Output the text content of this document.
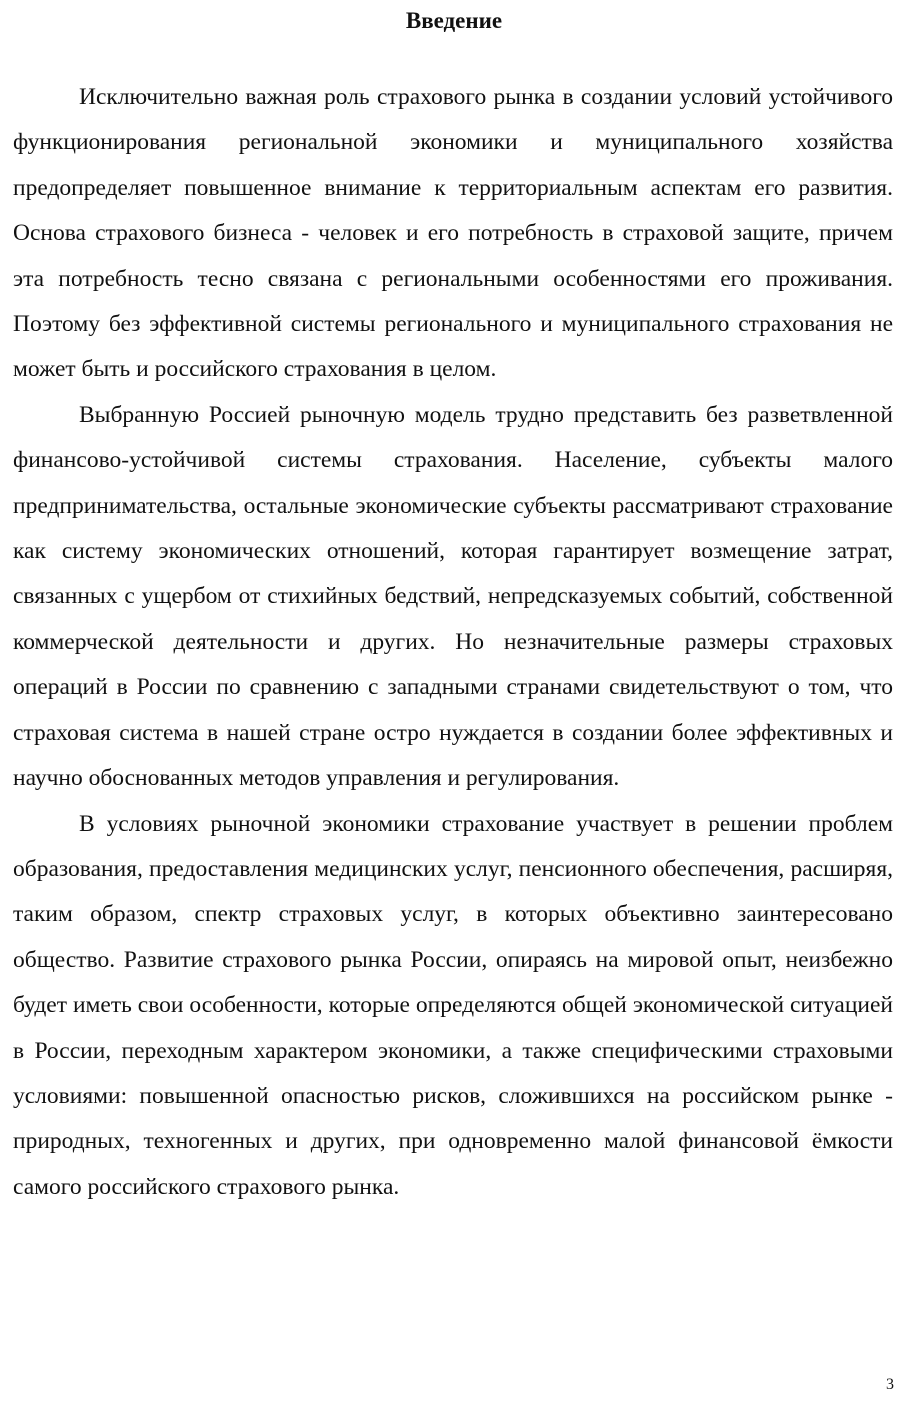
Введение

Исключительно важная роль страхового рынка в создании условий устойчивого функционирования региональной экономики и муниципального хозяйства предопределяет повышенное внимание к территориальным аспектам его развития. Основа страхового бизнеса - человек и его потребность в страховой защите, причем эта потребность тесно связана с региональными особенностями его проживания. Поэтому без эффективной системы регионального и муниципального страхования не может быть и российского страхования в целом.

Выбранную Россией рыночную модель трудно представить без разветвленной финансово-устойчивой системы страхования. Население, субъекты малого предпринимательства, остальные экономические субъекты рассматривают страхование как систему экономических отношений, которая гарантирует возмещение затрат, связанных с ущербом от стихийных бедствий, непредсказуемых событий, собственной коммерческой деятельности и других. Но незначительные размеры страховых операций в России по сравнению с западными странами свидетельствуют о том, что страховая система в нашей стране остро нуждается в создании более эффективных и научно обоснованных методов управления и регулирования.

В условиях рыночной экономики страхование участвует в решении проблем образования, предоставления медицинских услуг, пенсионного обеспечения, расширяя, таким образом, спектр страховых услуг, в которых объективно заинтересовано общество. Развитие страхового рынка России, опираясь на мировой опыт, неизбежно будет иметь свои особенности, которые определяются общей экономической ситуацией в России, переходным характером экономики, а также специфическими страховыми условиями: повышенной опасностью рисков, сложившихся на российском рынке - природных, техногенных и других, при одновременно малой финансовой ёмкости самого российского страхового рынка.

3
